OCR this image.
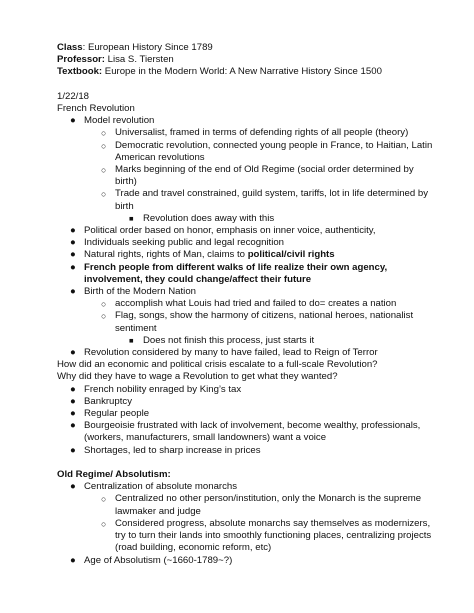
Class: European History Since 1789
Professor: Lisa S. Tiersten
Textbook: Europe in the Modern World: A New Narrative History Since 1500
1/22/18
French Revolution
● Model revolution
○ Universalist, framed in terms of defending rights of all people (theory)
○ Democratic revolution, connected young people in France, to Haitian, Latin American revolutions
○ Marks beginning of the end of Old Regime (social order determined by birth)
○ Trade and travel constrained, guild system, tariffs, lot in life determined by birth
■ Revolution does away with this
● Political order based on honor, emphasis on inner voice, authenticity,
● Individuals seeking public and legal recognition
● Natural rights, rights of Man, claims to political/civil rights
● French people from different walks of life realize their own agency, involvement, they could change/affect their future
● Birth of the Modern Nation
○ accomplish what Louis had tried and failed to do= creates a nation
○ Flag, songs, show the harmony of citizens, national heroes, nationalist sentiment
■ Does not finish this process, just starts it
● Revolution considered by many to have failed, lead to Reign of Terror
How did an economic and political crisis escalate to a full-scale Revolution?
Why did they have to wage a Revolution to get what they wanted?
● French nobility enraged by King’s tax
● Bankruptcy
● Regular people
● Bourgeoisie frustrated with lack of involvement, become wealthy, professionals, (workers, manufacturers, small landowners) want a voice
● Shortages, led to sharp increase in prices
Old Regime/ Absolutism:
● Centralization of absolute monarchs
○ Centralized no other person/institution, only the Monarch is the supreme lawmaker and judge
○ Considered progress, absolute monarchs say themselves as modernizers, try to turn their lands into smoothly functioning places, centralizing projects (road building, economic reform, etc)
● Age of Absolutism (~1660-1789~?)
